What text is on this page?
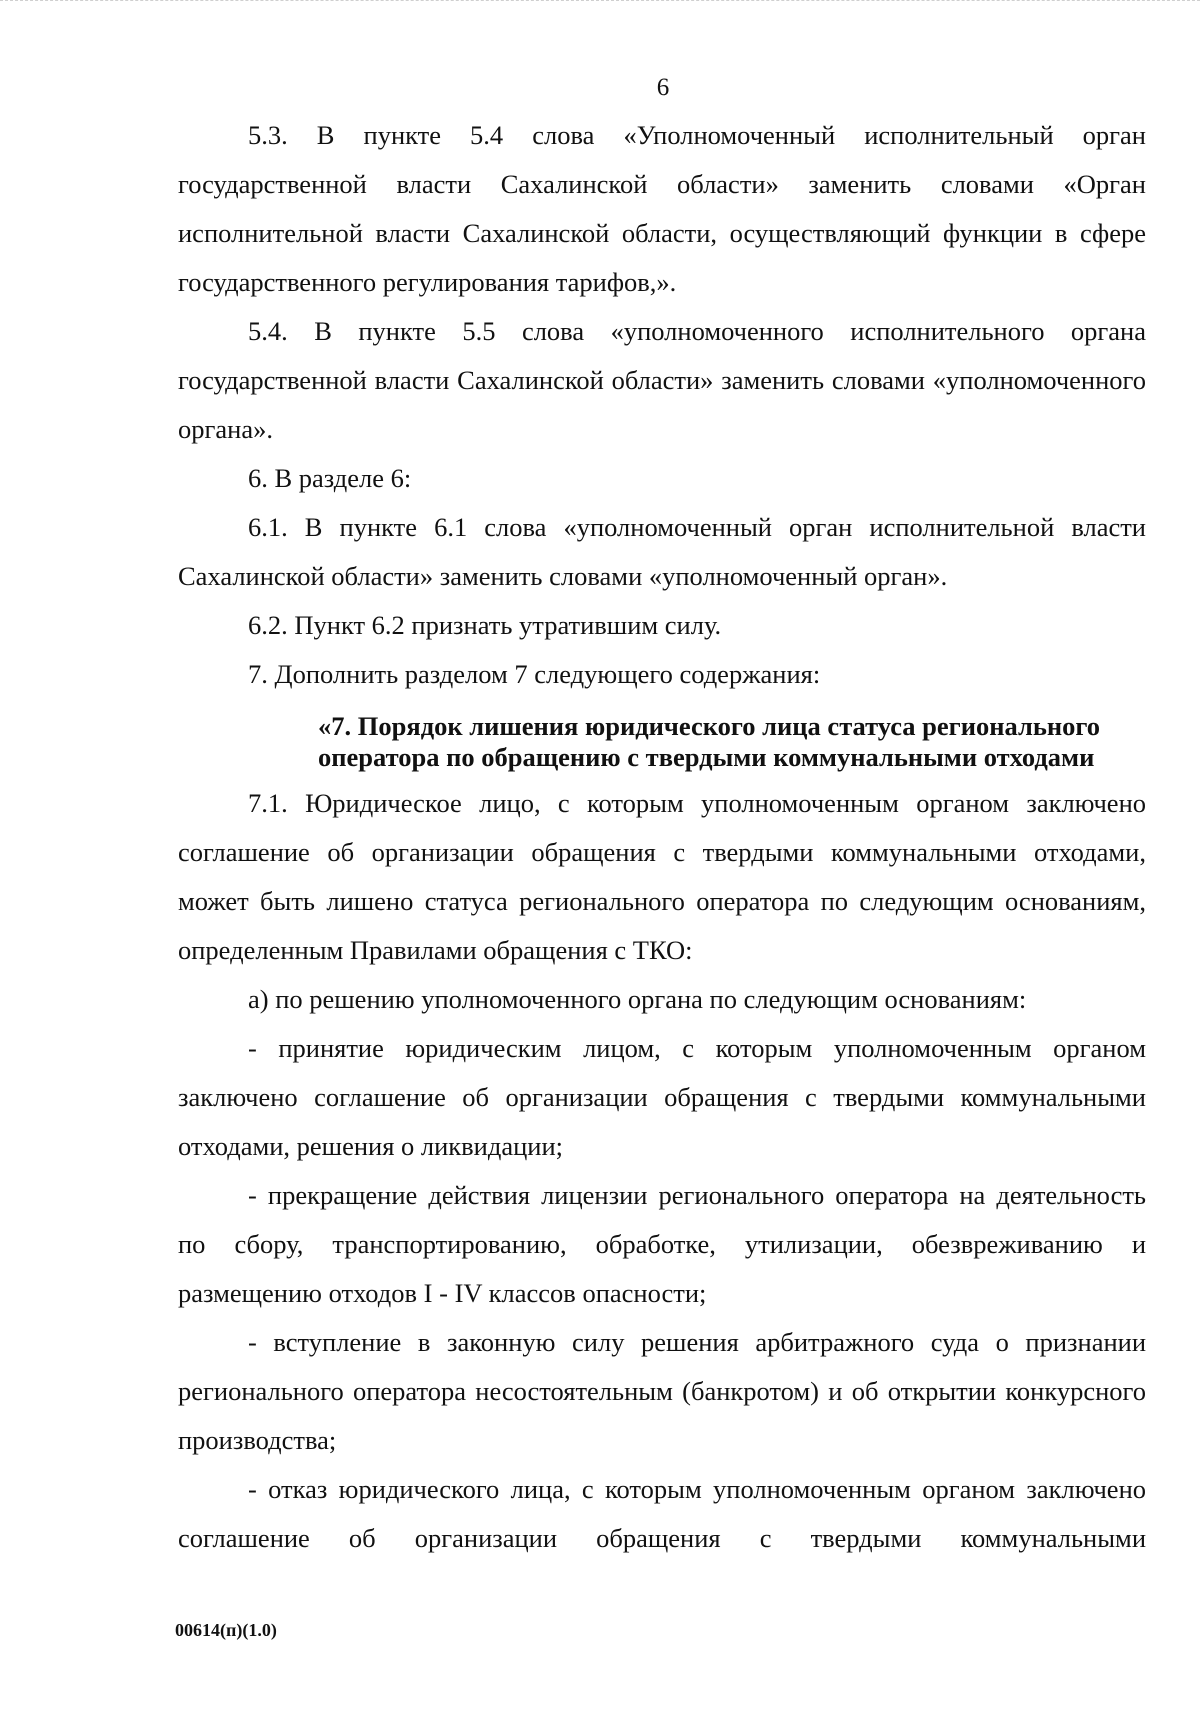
6

5.3. В пункте 5.4 слова «Уполномоченный исполнительный орган государственной власти Сахалинской области» заменить словами «Орган исполнительной власти Сахалинской области, осуществляющий функции в сфере государственного регулирования тарифов,».

5.4. В пункте 5.5 слова «уполномоченного исполнительного органа государственной власти Сахалинской области» заменить словами «уполномоченного органа».

6. В разделе 6:

6.1. В пункте 6.1 слова «уполномоченный орган исполнительной власти Сахалинской области» заменить словами «уполномоченный орган».

6.2. Пункт 6.2 признать утратившим силу.

7. Дополнить разделом 7 следующего содержания:

«7. Порядок лишения юридического лица статуса регионального
оператора по обращению с твердыми коммунальными отходами

7.1. Юридическое лицо, с которым уполномоченным органом заключено соглашение об организации обращения с твердыми коммунальными отходами, может быть лишено статуса регионального оператора по следующим основаниям, определенным Правилами обращения с ТКО:

а) по решению уполномоченного органа по следующим основаниям:

- принятие юридическим лицом, с которым уполномоченным органом заключено соглашение об организации обращения с твердыми коммунальными отходами, решения о ликвидации;

- прекращение действия лицензии регионального оператора на деятельность по сбору, транспортированию, обработке, утилизации, обезвреживанию и размещению отходов I - IV классов опасности;

- вступление в законную силу решения арбитражного суда о признании регионального оператора несостоятельным (банкротом) и об открытии конкурсного производства;

- отказ юридического лица, с которым уполномоченным органом заключено соглашение об организации обращения с твердыми коммунальными

00614(п)(1.0)
